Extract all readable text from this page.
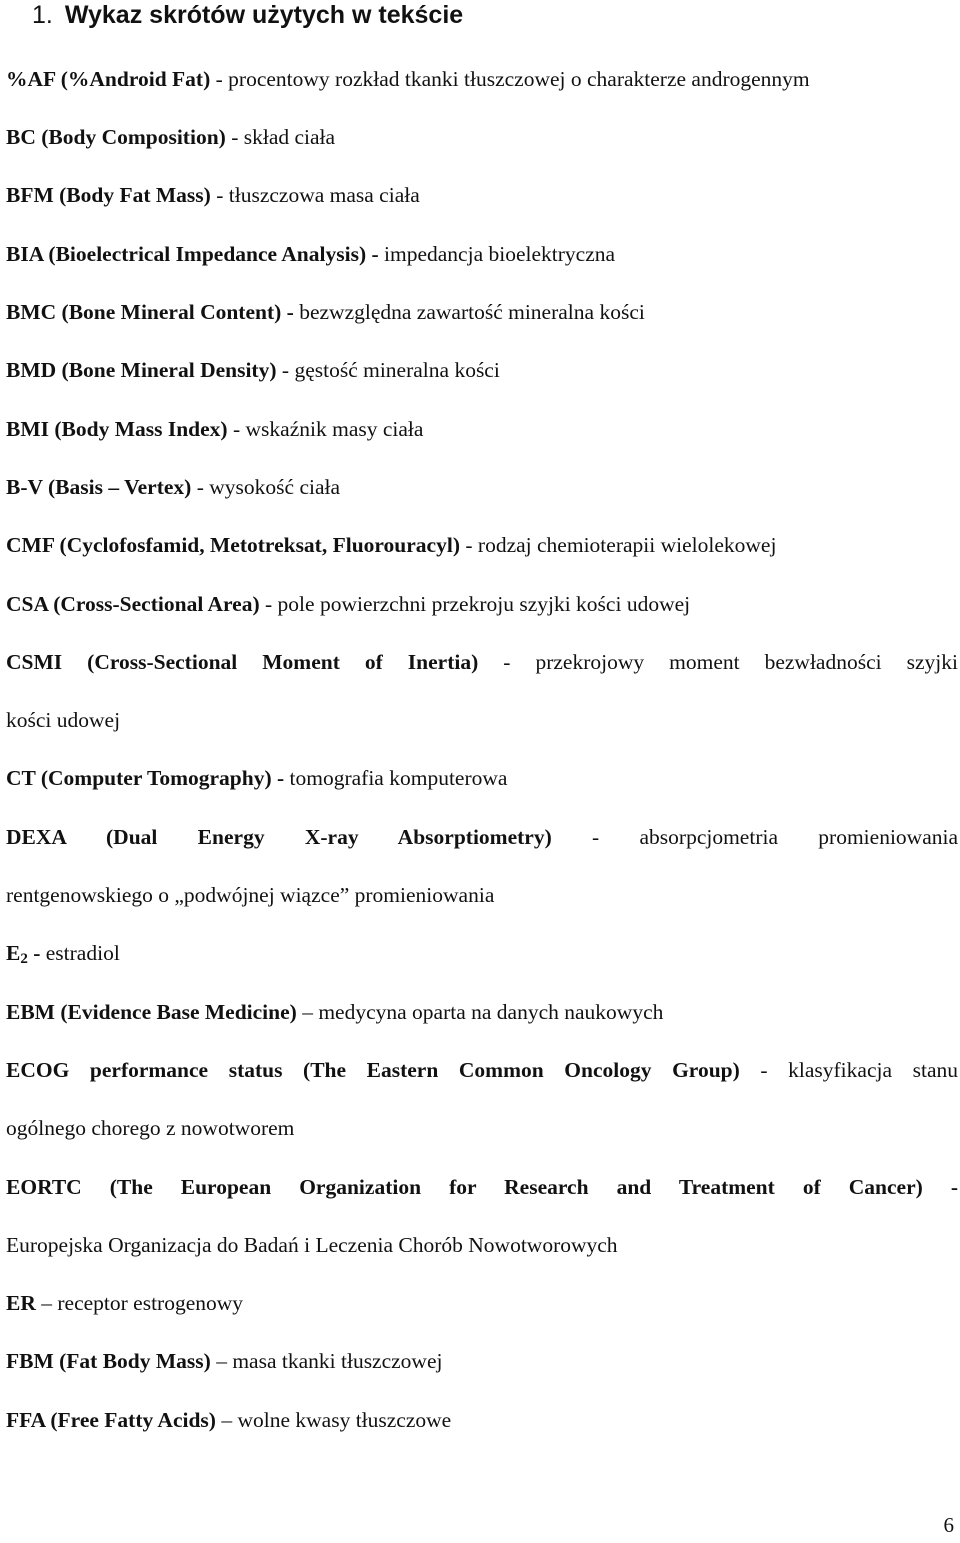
1. Wykaz skrótów użytych w tekście

%AF (%Android Fat) - procentowy rozkład tkanki tłuszczowej o charakterze androgennym

BC (Body Composition) - skład ciała

BFM (Body Fat Mass) - tłuszczowa masa ciała

BIA (Bioelectrical Impedance Analysis) - impedancja bioelektryczna

BMC (Bone Mineral Content) - bezwzględna zawartość mineralna kości

BMD (Bone Mineral Density) - gęstość mineralna kości

BMI (Body Mass Index) - wskaźnik masy ciała

B-V (Basis – Vertex) - wysokość ciała

CMF (Cyclofosfamid, Metotreksat, Fluorouracyl) - rodzaj chemioterapii wielolekowej

CSA (Cross-Sectional Area) - pole powierzchni przekroju szyjki kości udowej

CSMI (Cross-Sectional Moment of Inertia) - przekrojowy moment bezwładności szyjki

kości udowej

CT (Computer Tomography) - tomografia komputerowa

DEXA (Dual Energy X-ray Absorptiometry) - absorpcjometria promieniowania

rentgenowskiego o „podwójnej wiązce” promieniowania

$E_2$ - estradiol

EBM (Evidence Base Medicine) – medycyna oparta na danych naukowych

ECOG performance status (The Eastern Common Oncology Group) - klasyfikacja stanu

ogólnego chorego z nowotworem

EORTC (The European Organization for Research and Treatment of Cancer) -

Europejska Organizacja do Badań i Leczenia Chorób Nowotworowych

ER – receptor estrogenowy

FBM (Fat Body Mass) – masa tkanki tłuszczowej

FFA (Free Fatty Acids) – wolne kwasy tłuszczowe

6
